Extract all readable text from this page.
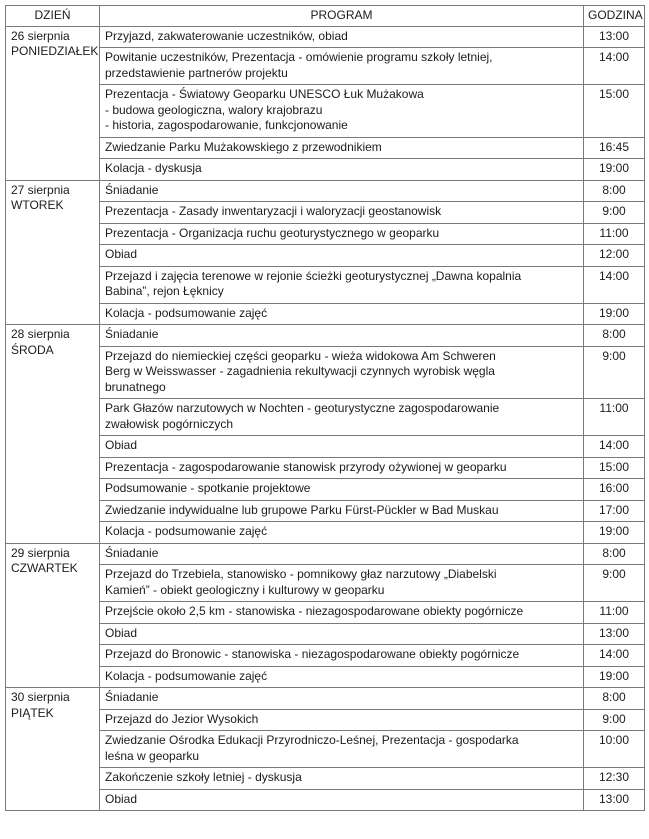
DZIEŃ	PROGRAM	GODZINA

26 sierpnia
PONIEDZIAŁEK	Przyjazd, zakwaterowanie uczestników, obiad	13:00

	Powitanie uczestników, Prezentacja - omówienie programu szkoły letniej,
przedstawienie partnerów projektu	14:00

	Prezentacja - Światowy Geoparku UNESCO Łuk Mużakowa
- budowa geologiczna, walory krajobrazu
- historia, zagospodarowanie, funkcjonowanie	15:00

	Zwiedzanie Parku Mużakowskiego z przewodnikiem	16:45

	Kolacja - dyskusja	19:00

27 sierpnia
WTOREK	Śniadanie	8:00

	Prezentacja - Zasady inwentaryzacji i waloryzacji geostanowisk	9:00

	Prezentacja - Organizacja ruchu geoturystycznego w geoparku	11:00

	Obiad	12:00

	Przejazd i zajęcia terenowe w rejonie ścieżki geoturystycznej „Dawna kopalnia
Babina”, rejon Łęknicy	14:00

	Kolacja - podsumowanie zajęć	19:00

28 sierpnia
ŚRODA	Śniadanie	8:00

	Przejazd do niemieckiej części geoparku - wieża widokowa Am Schweren
Berg w Weisswasser - zagadnienia rekultywacji czynnych wyrobisk węgla
brunatnego	9:00

	Park Głazów narzutowych w Nochten - geoturystyczne zagospodarowanie
zwałowisk pogórniczych	11:00

	Obiad	14:00

	Prezentacja - zagospodarowanie stanowisk przyrody ożywionej w geoparku	15:00

	Podsumowanie - spotkanie projektowe	16:00

	Zwiedzanie indywidualne lub grupowe Parku Fürst-Pückler w Bad Muskau	17:00

	Kolacja - podsumowanie zajęć	19:00

29 sierpnia
CZWARTEK	Śniadanie	8:00

	Przejazd do Trzebiela, stanowisko - pomnikowy głaz narzutowy „Diabelski
Kamień” - obiekt geologiczny i kulturowy w geoparku	9:00

	Przejście około 2,5 km - stanowiska - niezagospodarowane obiekty pogórnicze	11:00

	Obiad	13:00

	Przejazd do Bronowic - stanowiska - niezagospodarowane obiekty pogórnicze	14:00

	Kolacja - podsumowanie zajęć	19:00

30 sierpnia
PIĄTEK	Śniadanie	8:00

	Przejazd do Jezior Wysokich	9:00

	Zwiedzanie Ośrodka Edukacji Przyrodniczo-Leśnej, Prezentacja - gospodarka
leśna w geoparku	10:00

	Zakończenie szkoły letniej - dyskusja	12:30

	Obiad	13:00
